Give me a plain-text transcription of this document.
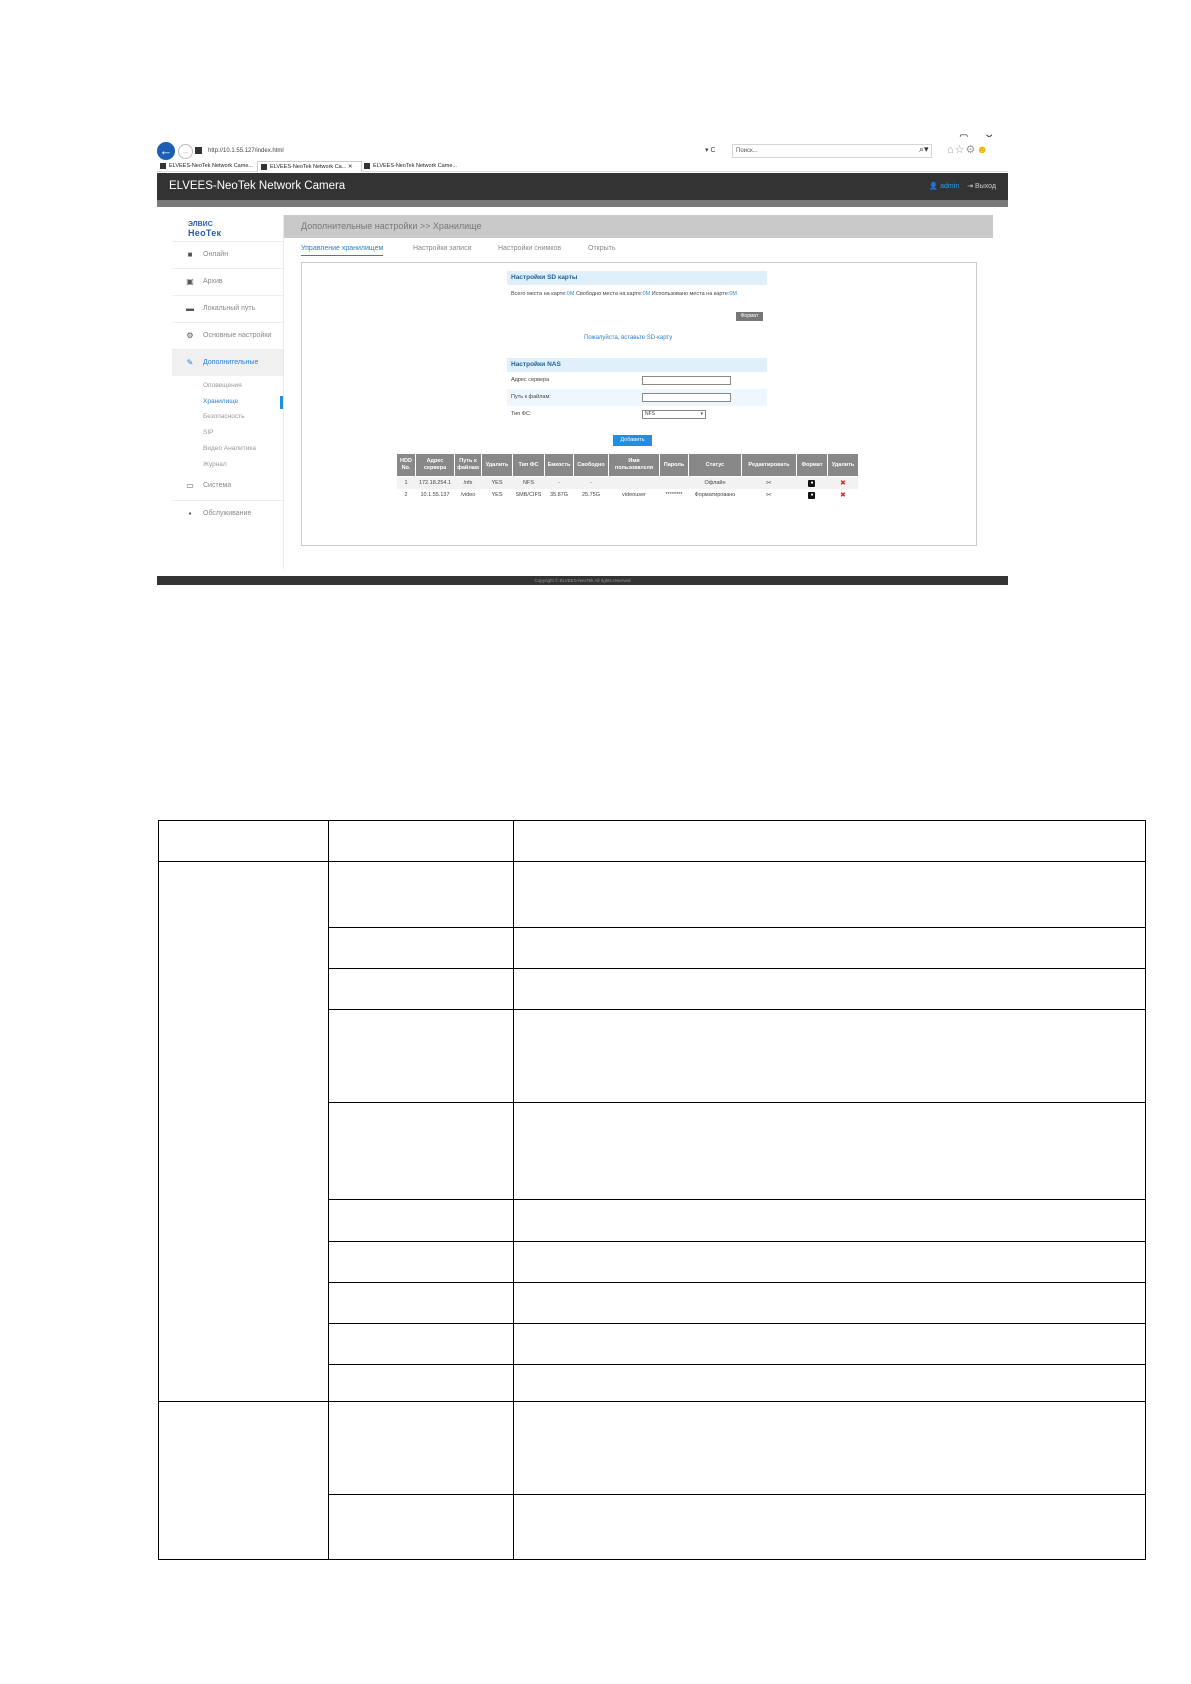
←	→	http://10.1.55.127/index.html	▾ C	Поиск...	⌕▾ ⌂☆⚙☻
ELVEES-NeoTek Network Came...	ELVEES-NeoTek Network Ca... ✕	ELVEES-NeoTek Network Came...
ELVEES-NeoTek Network Camera	👤 admin ⇥ Выход
ЭЛВИС
НеоТек
■	Онлайн
▣ Архив
▬ Локальный путь
⚙ Основные настройки
✎ Дополнительные
Оповещения
Хранилище
Безопасность
SIP
Видео Аналитика
Журнал
▭ Система
▪	Обслуживание
Дополнительные настройки >> Хранилище
Управление хранилищем	Настройки записи	Настройки снимков	Открыть
Настройки SD карты
Всего места на карте:0M Свободно места на карте:0M Использовано места на карте:0M
Формат
Пожалуйста, вставьте SD-карту
Настройки NAS
Адрес сервера
Путь к файлам:
Тип ФС:	NFS	▾
Добавить
HDD No.	Адрес сервера	Путь к файлам	Удалить	Тип ФС	Емкость	Свободно	Имя пользователя	Пароль	Статус	Редактировать	Формат	Удалить
1	172.18.254.1	/nfs	YES	NFS	-	-			Офлайн	✂	●	✖
2	10.1.55.137	/video	YES	SMB/CIFS	35.87G	25.75G	videouser	********	Форматировано	✂	●	✖
Copyright © ELVEES-NeoTek All rights reserved
